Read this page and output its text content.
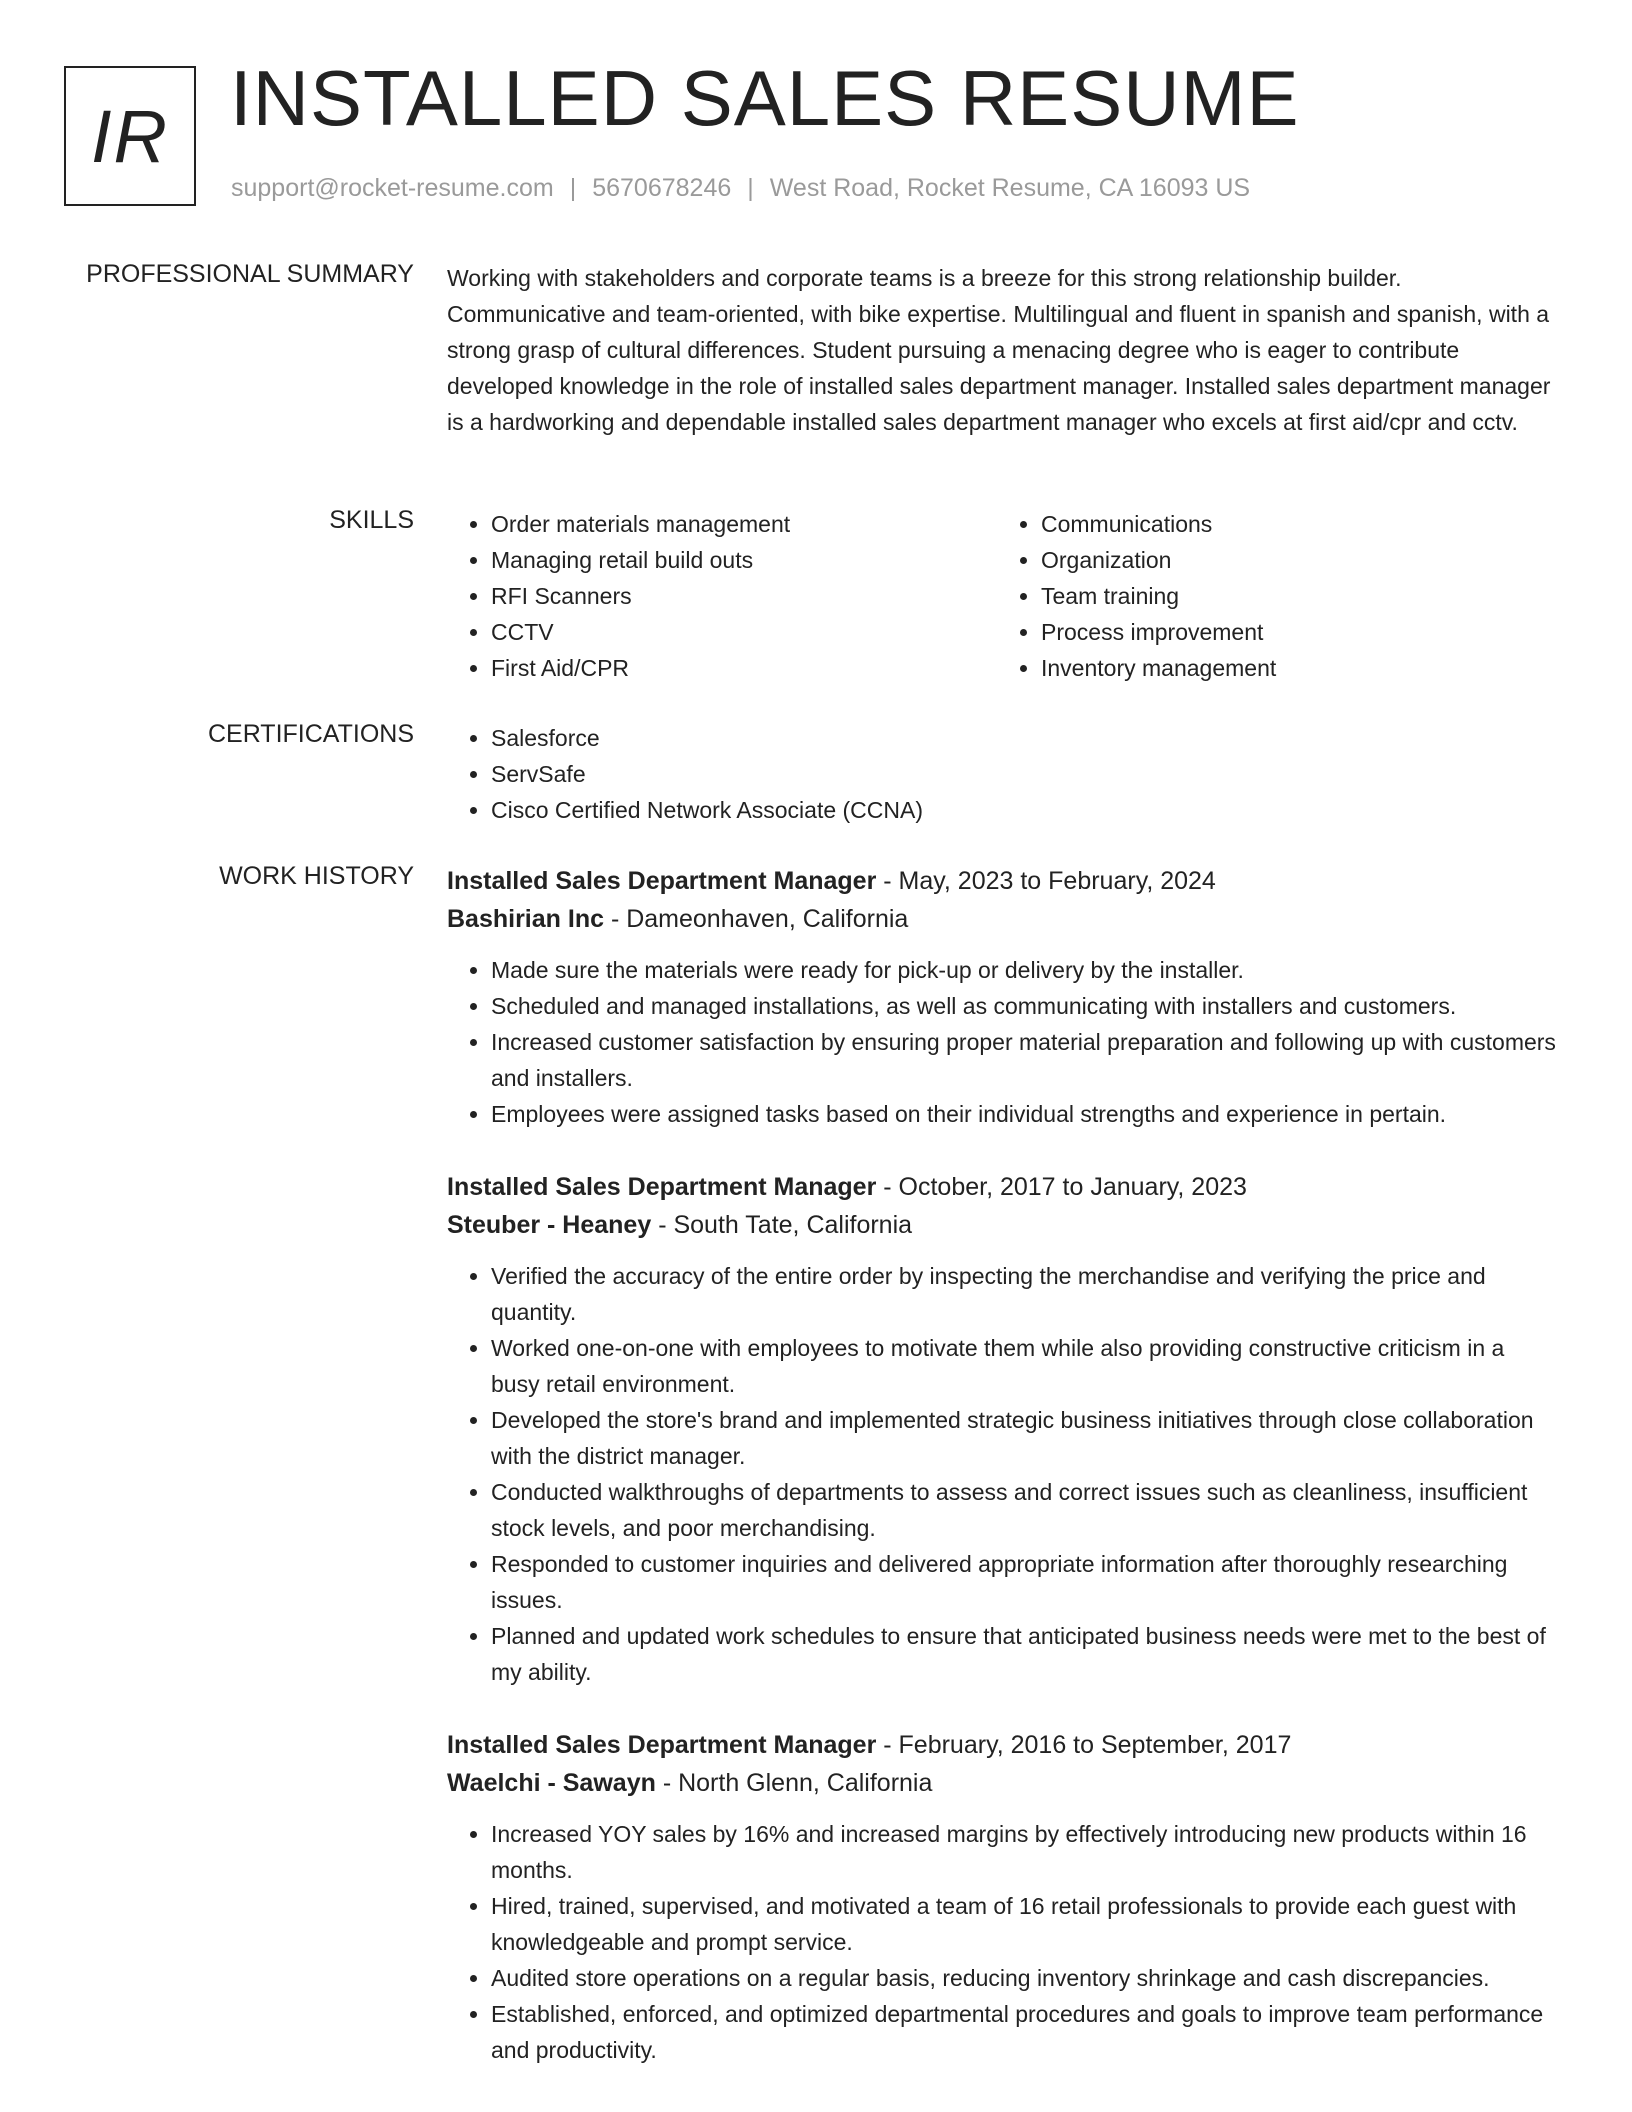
IR INSTALLED SALES RESUME
support@rocket-resume.com | 5670678246 | West Road, Rocket Resume, CA 16093 US
PROFESSIONAL SUMMARY Working with stakeholders and corporate teams is a breeze for this strong relationship builder. Communicative and team-oriented, with bike expertise. Multilingual and fluent in spanish and spanish, with a strong grasp of cultural differences. Student pursuing a menacing degree who is eager to contribute developed knowledge in the role of installed sales department manager. Installed sales department manager is a hardworking and dependable installed sales department manager who excels at first aid/cpr and cctv.

SKILLS	• Order materials management
• Managing retail build outs
• RFI Scanners
• CCTV
• First Aid/CPR
• Communications
• Organization
• Team training
• Process improvement
• Inventory management
CERTIFICATIONS	• Salesforce
• ServSafe
• Cisco Certified Network Associate (CCNA)
WORK HISTORY Installed Sales Department Manager - May, 2023 to February, 2024
Bashirian Inc - Dameonhaven, California
• Made sure the materials were ready for pick-up or delivery by the installer.
• Scheduled and managed installations, as well as communicating with installers and customers.
• Increased customer satisfaction by ensuring proper material preparation and following up with customers and installers.
• Employees were assigned tasks based on their individual strengths and experience in pertain.
Installed Sales Department Manager - October, 2017 to January, 2023
Steuber - Heaney - South Tate, California
• Verified the accuracy of the entire order by inspecting the merchandise and verifying the price and quantity.
• Worked one-on-one with employees to motivate them while also providing constructive criticism in a busy retail environment.
• Developed the store's brand and implemented strategic business initiatives through close collaboration with the district manager.
• Conducted walkthroughs of departments to assess and correct issues such as cleanliness, insufficient stock levels, and poor merchandising.
• Responded to customer inquiries and delivered appropriate information after thoroughly researching issues.
• Planned and updated work schedules to ensure that anticipated business needs were met to the best of my ability.
Installed Sales Department Manager - February, 2016 to September, 2017
Waelchi - Sawayn - North Glenn, California
• Increased YOY sales by 16% and increased margins by effectively introducing new products within 16 months.
• Hired, trained, supervised, and motivated a team of 16 retail professionals to provide each guest with knowledgeable and prompt service.
• Audited store operations on a regular basis, reducing inventory shrinkage and cash discrepancies.
• Established, enforced, and optimized departmental procedures and goals to improve team performance and productivity.
